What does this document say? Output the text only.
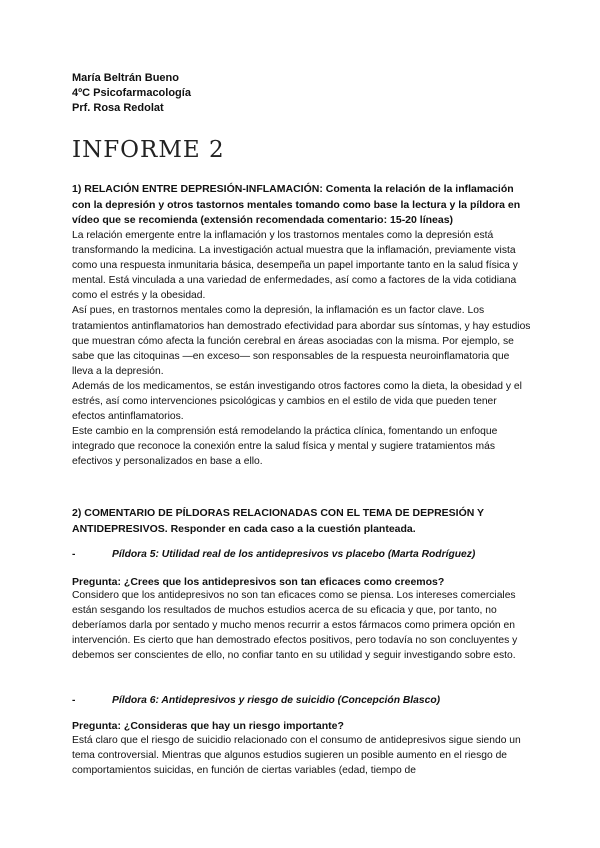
María Beltrán Bueno
4ºC Psicofarmacología
Prf. Rosa Redolat
INFORME 2
1) RELACIÓN ENTRE DEPRESIÓN-INFLAMACIÓN: Comenta la relación de la inflamación con la depresión y otros tastornos mentales tomando como base la lectura y la píldora en vídeo que se recomienda (extensión recomendada comentario: 15-20 líneas)

La relación emergente entre la inflamación y los trastornos mentales como la depresión está transformando la medicina. La investigación actual muestra que la inflamación, previamente vista como una respuesta inmunitaria básica, desempeña un papel importante tanto en la salud física y mental. Está vinculada a una variedad de enfermedades, así como a factores de la vida cotidiana como el estrés y la obesidad.

Así pues, en trastornos mentales como la depresión, la inflamación es un factor clave. Los tratamientos antinflamatorios han demostrado efectividad para abordar sus síntomas, y hay estudios que muestran cómo afecta la función cerebral en áreas asociadas con la misma. Por ejemplo, se sabe que las citoquinas —en exceso— son responsables de la respuesta neuroinflamatoria que lleva a la depresión.

Además de los medicamentos, se están investigando otros factores como la dieta, la obesidad y el estrés, así como intervenciones psicológicas y cambios en el estilo de vida que pueden tener efectos antinflamatorios.

Este cambio en la comprensión está remodelando la práctica clínica, fomentando un enfoque integrado que reconoce la conexión entre la salud física y mental y sugiere tratamientos más efectivos y personalizados en base a ello.

2) COMENTARIO DE PÍLDORAS RELACIONADAS CON EL TEMA DE DEPRESIÓN Y ANTIDEPRESIVOS. Responder en cada caso a la cuestión planteada.
-	Píldora 5: Utilidad real de los antidepresivos vs placebo (Marta Rodríguez)
Pregunta: ¿Crees que los antidepresivos son tan eficaces como creemos?

Considero que los antidepresivos no son tan eficaces como se piensa. Los intereses comerciales están sesgando los resultados de muchos estudios acerca de su eficacia y que, por tanto, no deberíamos darla por sentado y mucho menos recurrir a estos fármacos como primera opción en intervención. Es cierto que han demostrado efectos positivos, pero todavía no son concluyentes y debemos ser conscientes de ello, no confiar tanto en su utilidad y seguir investigando sobre esto.

-	Píldora 6: Antidepresivos y riesgo de suicidio (Concepción Blasco)
Pregunta: ¿Consideras que hay un riesgo importante?

Está claro que el riesgo de suicidio relacionado con el consumo de antidepresivos sigue siendo un tema controversial. Mientras que algunos estudios sugieren un posible aumento en el riesgo de comportamientos suicidas, en función de ciertas variables (edad, tiempo de
